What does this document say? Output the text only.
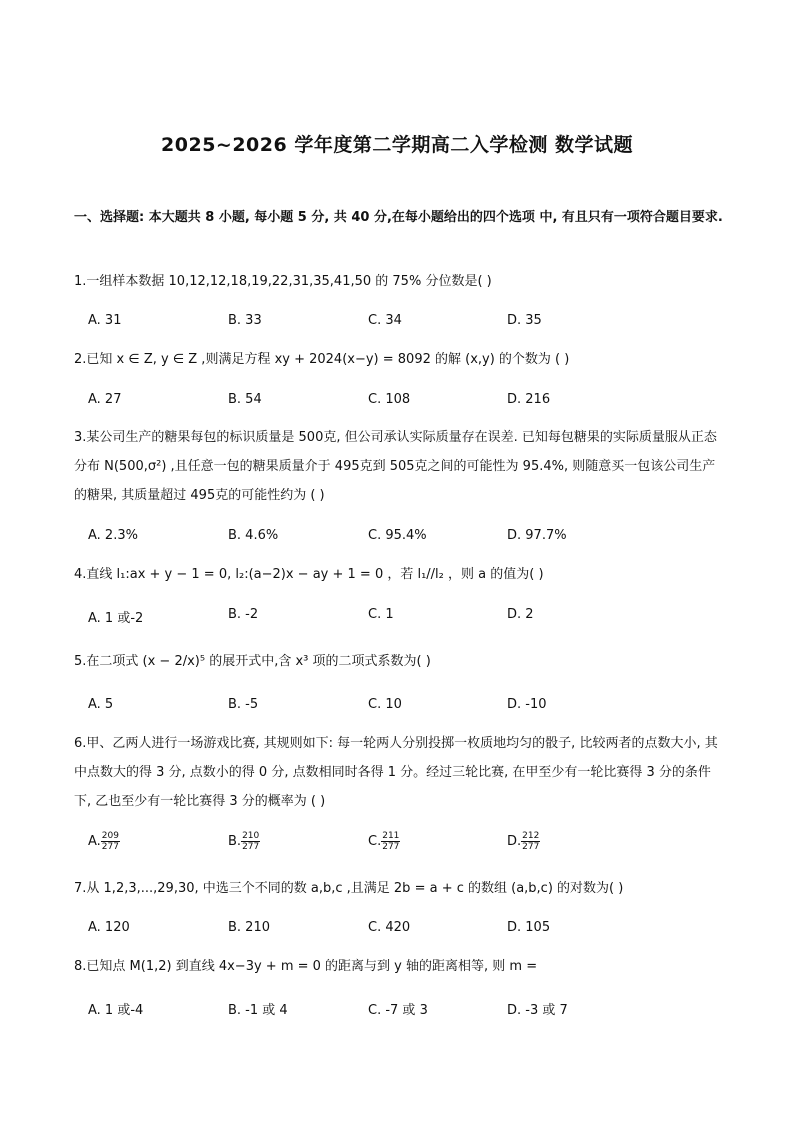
2025~2026 学年度第二学期高二入学检测 数学试题
一、选择题: 本大题共 8 小题, 每小题 5 分, 共 40 分,在每小题给出的四个选项 中, 有且只有一项符合题目要求.
1.一组样本数据 10,12,12,18,19,22,31,35,41,50 的 75% 分位数是( )
A. 31	B. 33	C. 34	D. 35
2.已知 x ∈ Z, y ∈ Z ,则满足方程 xy + 2024(x−y) = 8092 的解 (x,y) 的个数为 ( )
A. 27	B. 54	C. 108	D. 216
3.某公司生产的糖果每包的标识质量是 500克, 但公司承认实际质量存在误差. 已知每包糖果的实际质量服从正态分布 N(500,σ²) ,且任意一包的糖果质量介于 495克到 505克之间的可能性为 95.4%, 则随意买一包该公司生产的糖果, 其质量超过 495克的可能性约为 ( )
A. 2.3%	B. 4.6%	C. 95.4%	D. 97.7%
4.直线 l₁:ax + y − 1 = 0, l₂:(a−2)x − ay + 1 = 0 ，若 l₁//l₂ ，则 a 的值为( )
A. 1 或-2	B. -2	C. 1	D. 2
5.在二项式 (x − 2/x)⁵ 的展开式中,含 x³ 项的二项式系数为( )
A. 5	B. -5	C. 10	D. -10
6.甲、乙两人进行一场游戏比赛, 其规则如下: 每一轮两人分别投掷一枚质地均匀的骰子, 比较两者的点数大小, 其中点数大的得 3 分, 点数小的得 0 分, 点数相同时各得 1 分。经过三轮比赛, 在甲至少有一轮比赛得 3 分的条件下, 乙也至少有一轮比赛得 3 分的概率为 ( )
A. $\frac{209}{277}$	B. $\frac{210}{277}$	C. $\frac{211}{277}$	D. $\frac{212}{277}$
7.从 1,2,3,...,29,30, 中选三个不同的数 a,b,c ,且满足 2b = a + c 的数组 (a,b,c) 的对数为( )
A. 120	B. 210	C. 420	D. 105
8.已知点 M(1,2) 到直线 4x−3y + m = 0 的距离与到 y 轴的距离相等, 则 m =
A. 1 或-4	B. -1 或 4	C. -7 或 3	D. -3 或 7
